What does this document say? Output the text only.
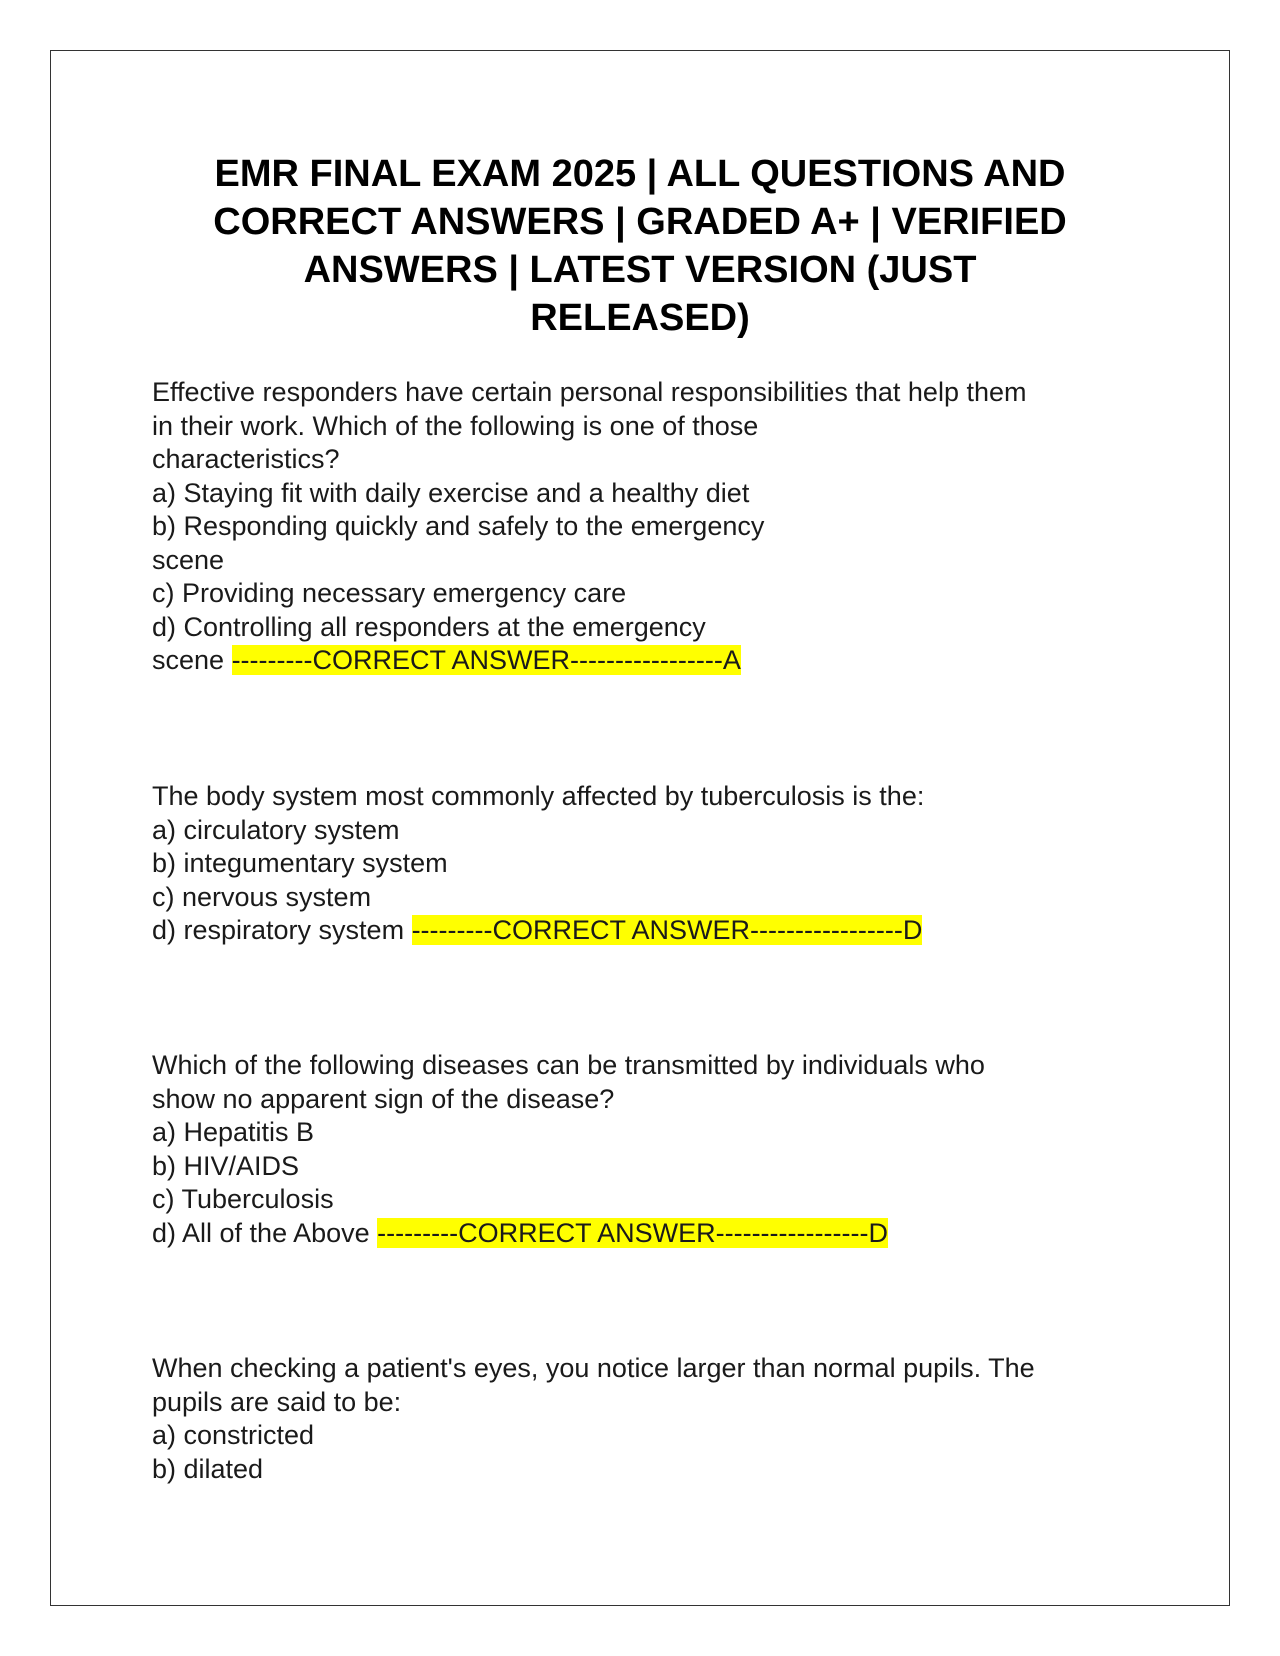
EMR FINAL EXAM 2025 | ALL QUESTIONS AND
CORRECT ANSWERS | GRADED A+ | VERIFIED
ANSWERS | LATEST VERSION (JUST
RELEASED)
Effective responders have certain personal responsibilities that help them
in their work. Which of the following is one of those
characteristics?
a) Staying fit with daily exercise and a healthy diet
b) Responding quickly and safely to the emergency
scene
c) Providing necessary emergency care
d) Controlling all responders at the emergency
scene ---------CORRECT ANSWER-----------------A
The body system most commonly affected by tuberculosis is the:
a) circulatory system
b) integumentary system
c) nervous system
d) respiratory system ---------CORRECT ANSWER-----------------D
Which of the following diseases can be transmitted by individuals who
show no apparent sign of the disease?
a) Hepatitis B
b) HIV/AIDS
c) Tuberculosis
d) All of the Above ---------CORRECT ANSWER-----------------D
When checking a patient's eyes, you notice larger than normal pupils. The
pupils are said to be:
a) constricted
b) dilated
